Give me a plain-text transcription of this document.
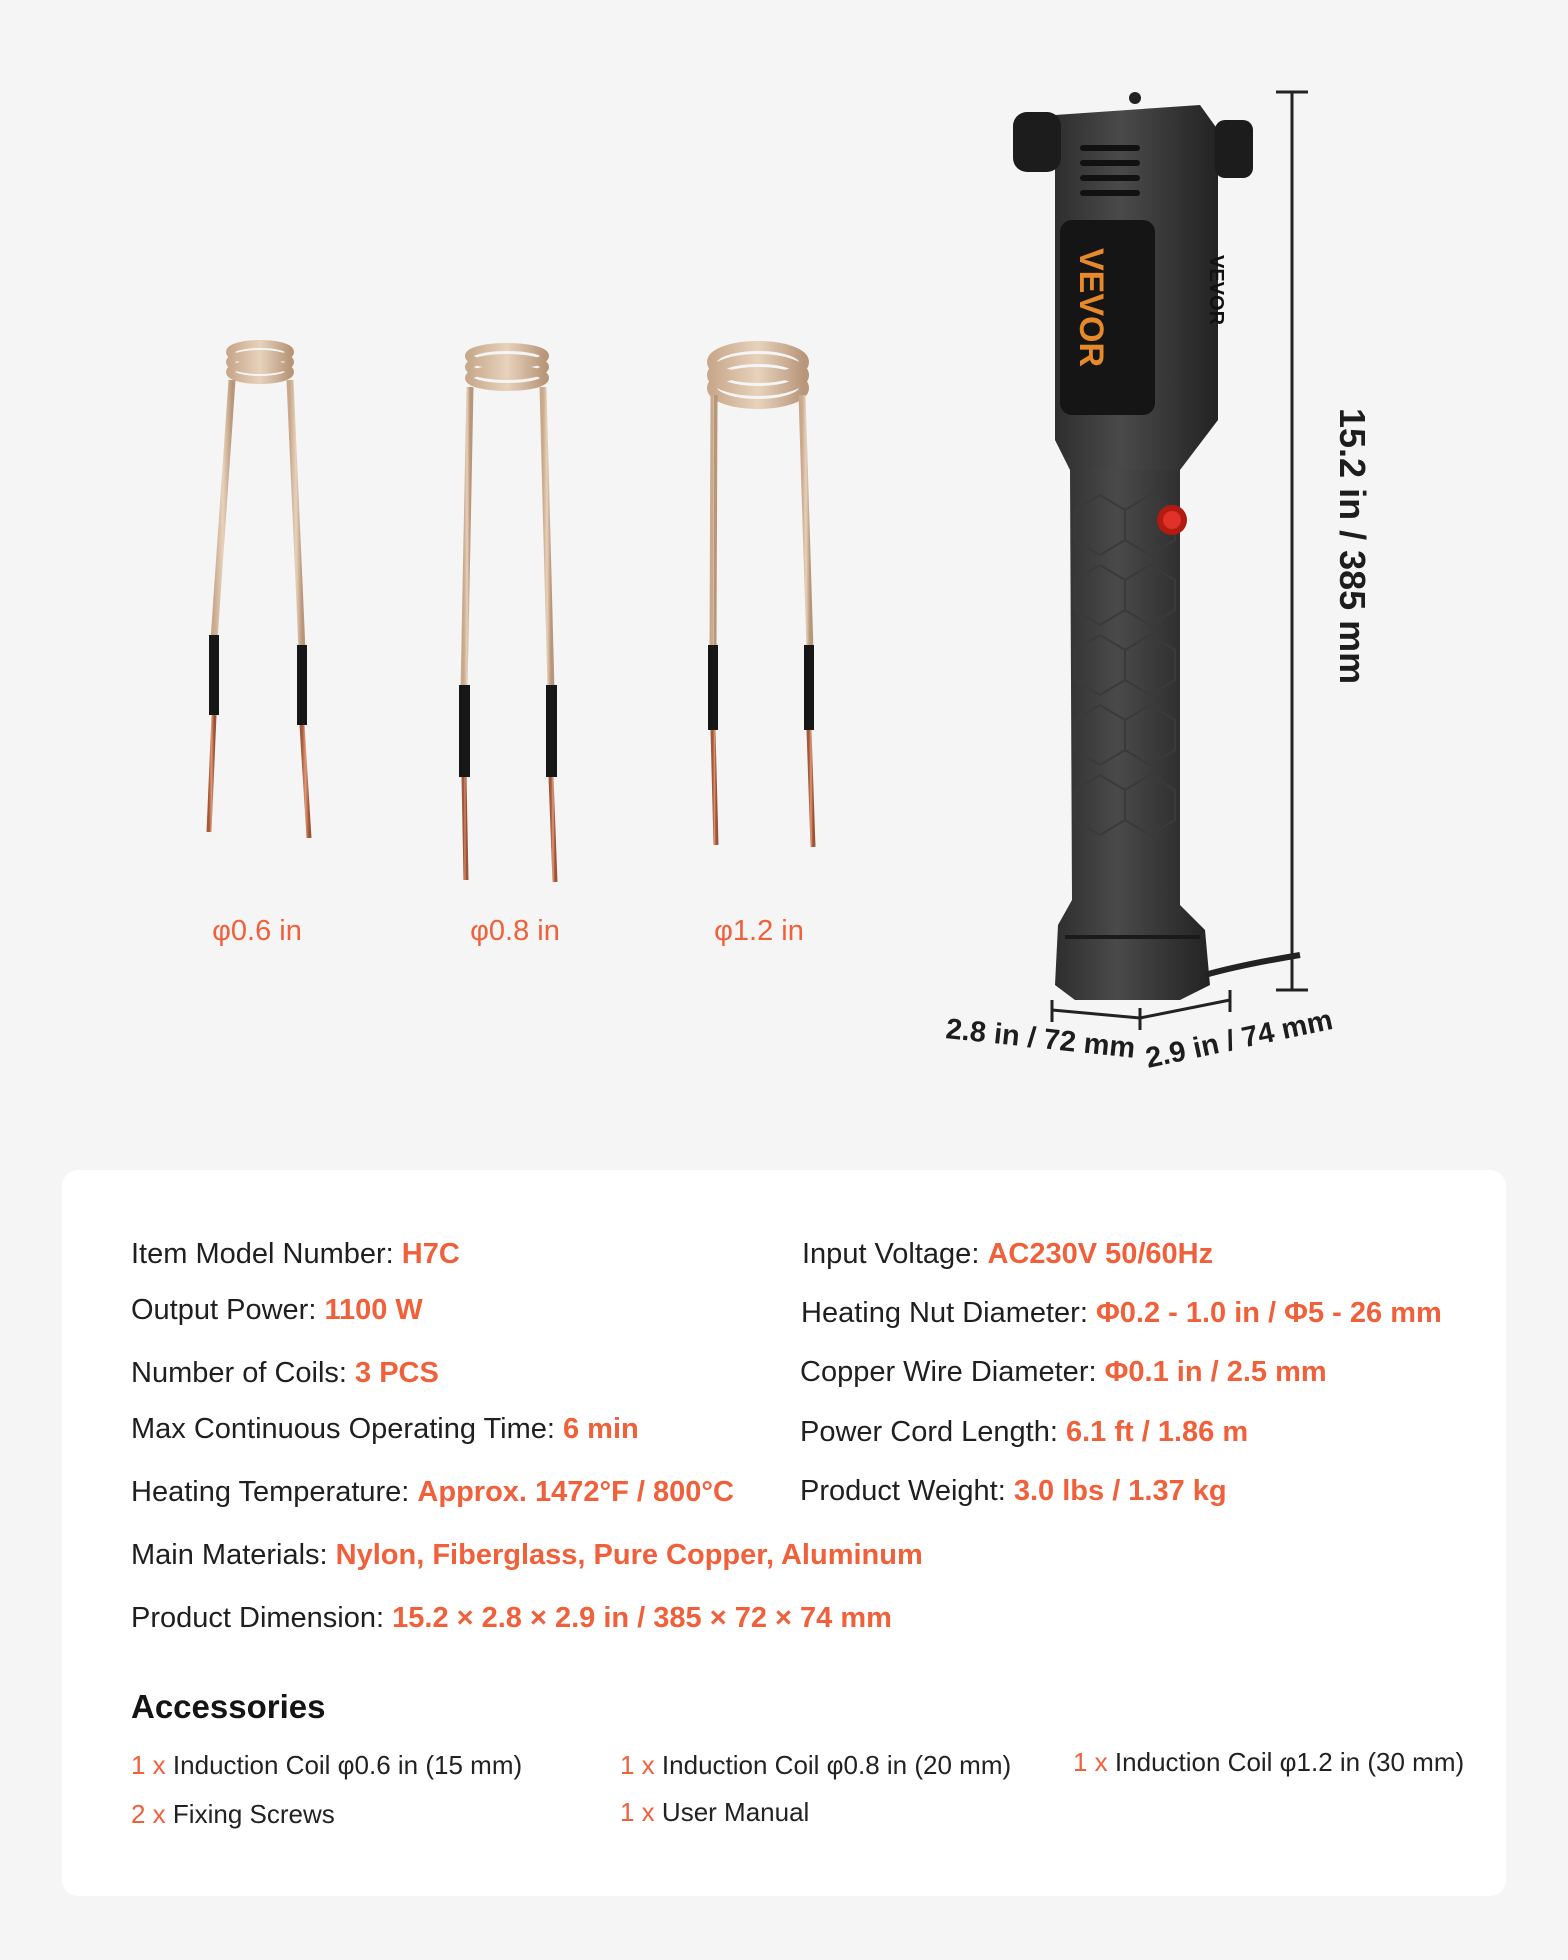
φ0.6 in	φ0.8 in	φ1.2 in
VEVOR	VEVOR
15.2 in / 385 mm
2.8 in / 72 mm 2.9 in / 74 mm
Item Model Number: H7C
Output Power: 1100 W
Number of Coils: 3 PCS
Max Continuous Operating Time: 6 min
Heating Temperature: Approx. 1472°F / 800°C
Input Voltage: AC230V 50/60Hz
Heating Nut Diameter: Φ0.2 - 1.0 in / Φ5 - 26 mm
Copper Wire Diameter: Φ0.1 in / 2.5 mm
Power Cord Length: 6.1 ft / 1.86 m
Product Weight: 3.0 lbs / 1.37 kg
Main Materials: Nylon, Fiberglass, Pure Copper, Aluminum
Product Dimension: 15.2 × 2.8 × 2.9 in / 385 × 72 × 74 mm
Accessories
1 x Induction Coil φ0.6 in (15 mm)	1 x Induction Coil φ0.8 in (20 mm) 1 x Induction Coil φ1.2 in (30 mm)
2 x Fixing Screws	1 x User Manual
